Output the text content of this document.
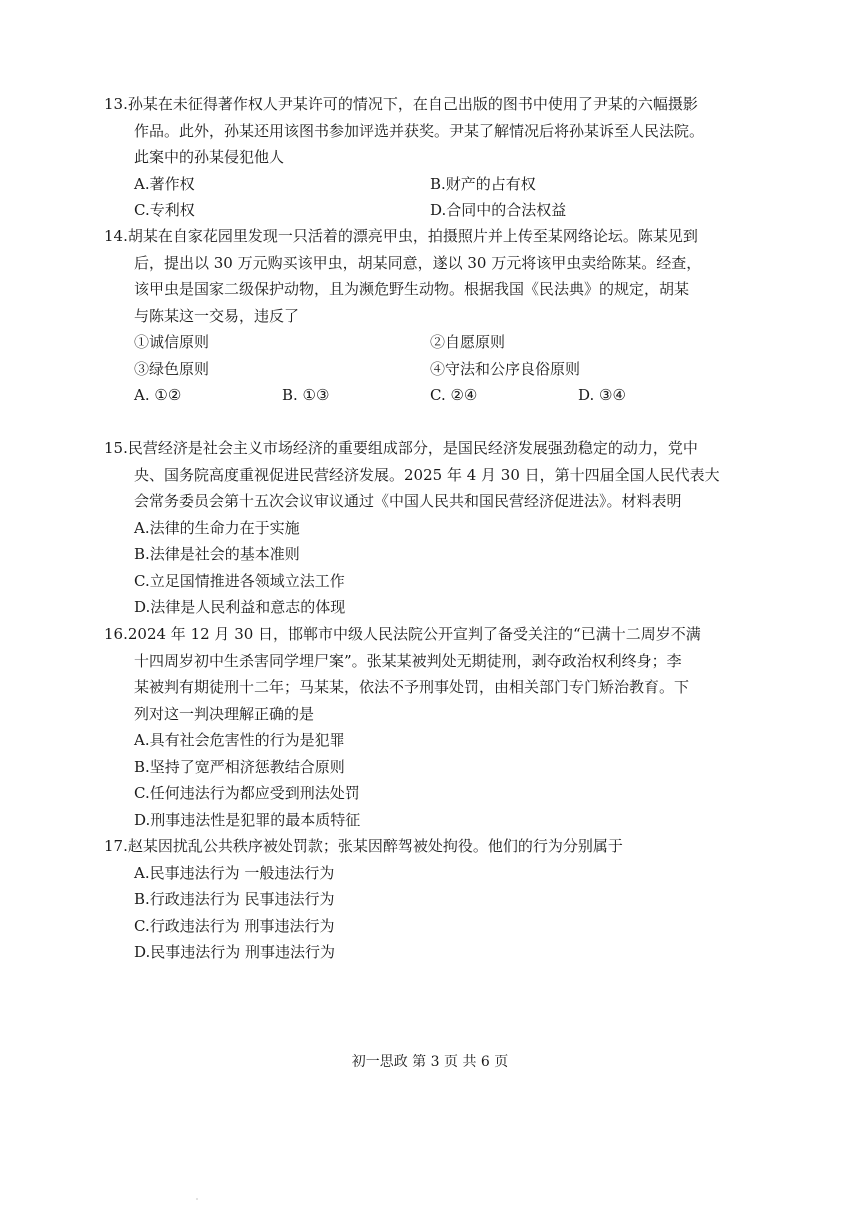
13.孙某在未征得著作权人尹某许可的情况下，在自己出版的图书中使用了尹某的六幅摄影
作品。此外，孙某还用该图书参加评选并获奖。尹某了解情况后将孙某诉至人民法院。
此案中的孙某侵犯他人
A.著作权	B.财产的占有权
C.专利权	D.合同中的合法权益
14.胡某在自家花园里发现一只活着的漂亮甲虫，拍摄照片并上传至某网络论坛。陈某见到
后，提出以 30 万元购买该甲虫，胡某同意，遂以 30 万元将该甲虫卖给陈某。经查，
该甲虫是国家二级保护动物，且为濒危野生动物。根据我国《民法典》的规定，胡某
与陈某这一交易，违反了
①诚信原则	②自愿原则
③绿色原则	④守法和公序良俗原则
A. ①②	B. ①③	C. ②④	D. ③④
15.民营经济是社会主义市场经济的重要组成部分，是国民经济发展强劲稳定的动力，党中
央、国务院高度重视促进民营经济发展。2025 年 4 月 30 日，第十四届全国人民代表大
会常务委员会第十五次会议审议通过《中国人民共和国民营经济促进法》。材料表明
A.法律的生命力在于实施
B.法律是社会的基本准则
C.立足国情推进各领域立法工作
D.法律是人民利益和意志的体现
16.2024 年 12 月 30 日，邯郸市中级人民法院公开宣判了备受关注的“已满十二周岁不满
十四周岁初中生杀害同学埋尸案”。张某某被判处无期徒刑，剥夺政治权利终身；李
某被判有期徒刑十二年；马某某，依法不予刑事处罚，由相关部门专门矫治教育。下
列对这一判决理解正确的是
A.具有社会危害性的行为是犯罪
B.坚持了宽严相济惩教结合原则
C.任何违法行为都应受到刑法处罚
D.刑事违法性是犯罪的最本质特征
17.赵某因扰乱公共秩序被处罚款；张某因醉驾被处拘役。他们的行为分别属于
A.民事违法行为 一般违法行为
B.行政违法行为 民事违法行为
C.行政违法行为 刑事违法行为
D.民事违法行为 刑事违法行为
初一思政 第 3 页 共 6 页
